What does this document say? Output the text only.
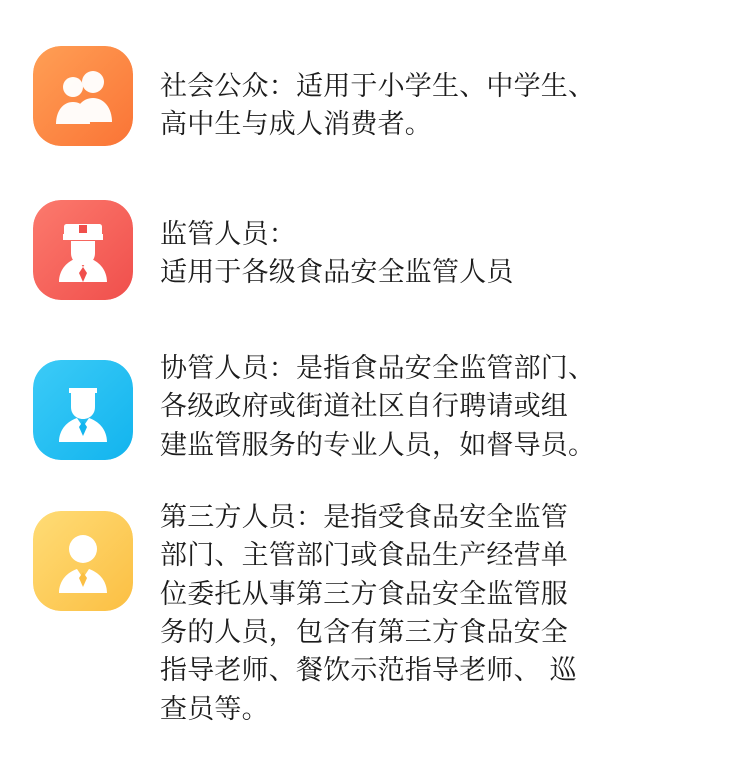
社会公众：适用于小学生、中学生、
高中生与成人消费者。
监管人员：
适用于各级食品安全监管人员
协管人员：是指食品安全监管部门、
各级政府或街道社区自行聘请或组
建监管服务的专业人员，如督导员。
第三方人员：是指受食品安全监管
部门、主管部门或食品生产经营单
位委托从事第三方食品安全监管服
务的人员，包含有第三方食品安全
指导老师、餐饮示范指导老师、 巡
查员等。
